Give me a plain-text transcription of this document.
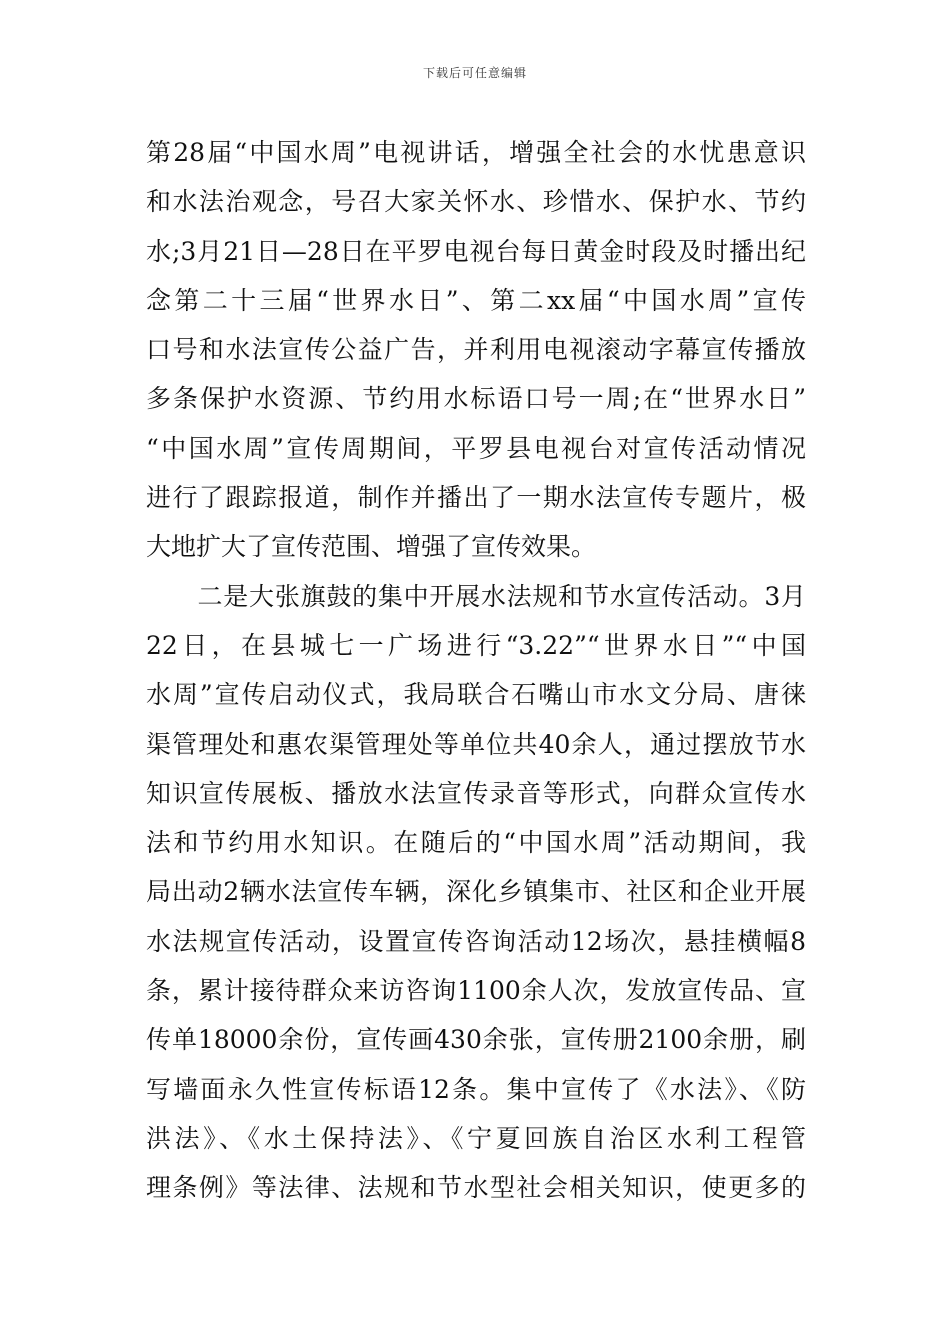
下载后可任意编辑
第28届“中国水周”电视讲话，增强全社会的水忧患意识
和水法治观念，号召大家关怀水、珍惜水、保护水、节约
水;3月21日—28日在平罗电视台每日黄金时段及时播出纪
念第二十三届“世界水日”、第二xx届“中国水周”宣传
口号和水法宣传公益广告，并利用电视滚动字幕宣传播放
多条保护水资源、节约用水标语口号一周;在“世界水日”
“中国水周”宣传周期间，平罗县电视台对宣传活动情况
进行了跟踪报道，制作并播出了一期水法宣传专题片，极
大地扩大了宣传范围、增强了宣传效果。
　　二是大张旗鼓的集中开展水法规和节水宣传活动。3月
22日，在县城七一广场进行“3.22”“世界水日”“中国
水周”宣传启动仪式，我局联合石嘴山市水文分局、唐徕
渠管理处和惠农渠管理处等单位共40余人，通过摆放节水
知识宣传展板、播放水法宣传录音等形式，向群众宣传水
法和节约用水知识。在随后的“中国水周”活动期间，我
局出动2辆水法宣传车辆，深化乡镇集市、社区和企业开展
水法规宣传活动，设置宣传咨询活动12场次，悬挂横幅8
条，累计接待群众来访咨询1100余人次，发放宣传品、宣
传单18000余份，宣传画430余张，宣传册2100余册，刷
写墙面永久性宣传标语12条。集中宣传了《水法》、《防
洪法》、《水土保持法》、《宁夏回族自治区水利工程管
理条例》等法律、法规和节水型社会相关知识，使更多的
